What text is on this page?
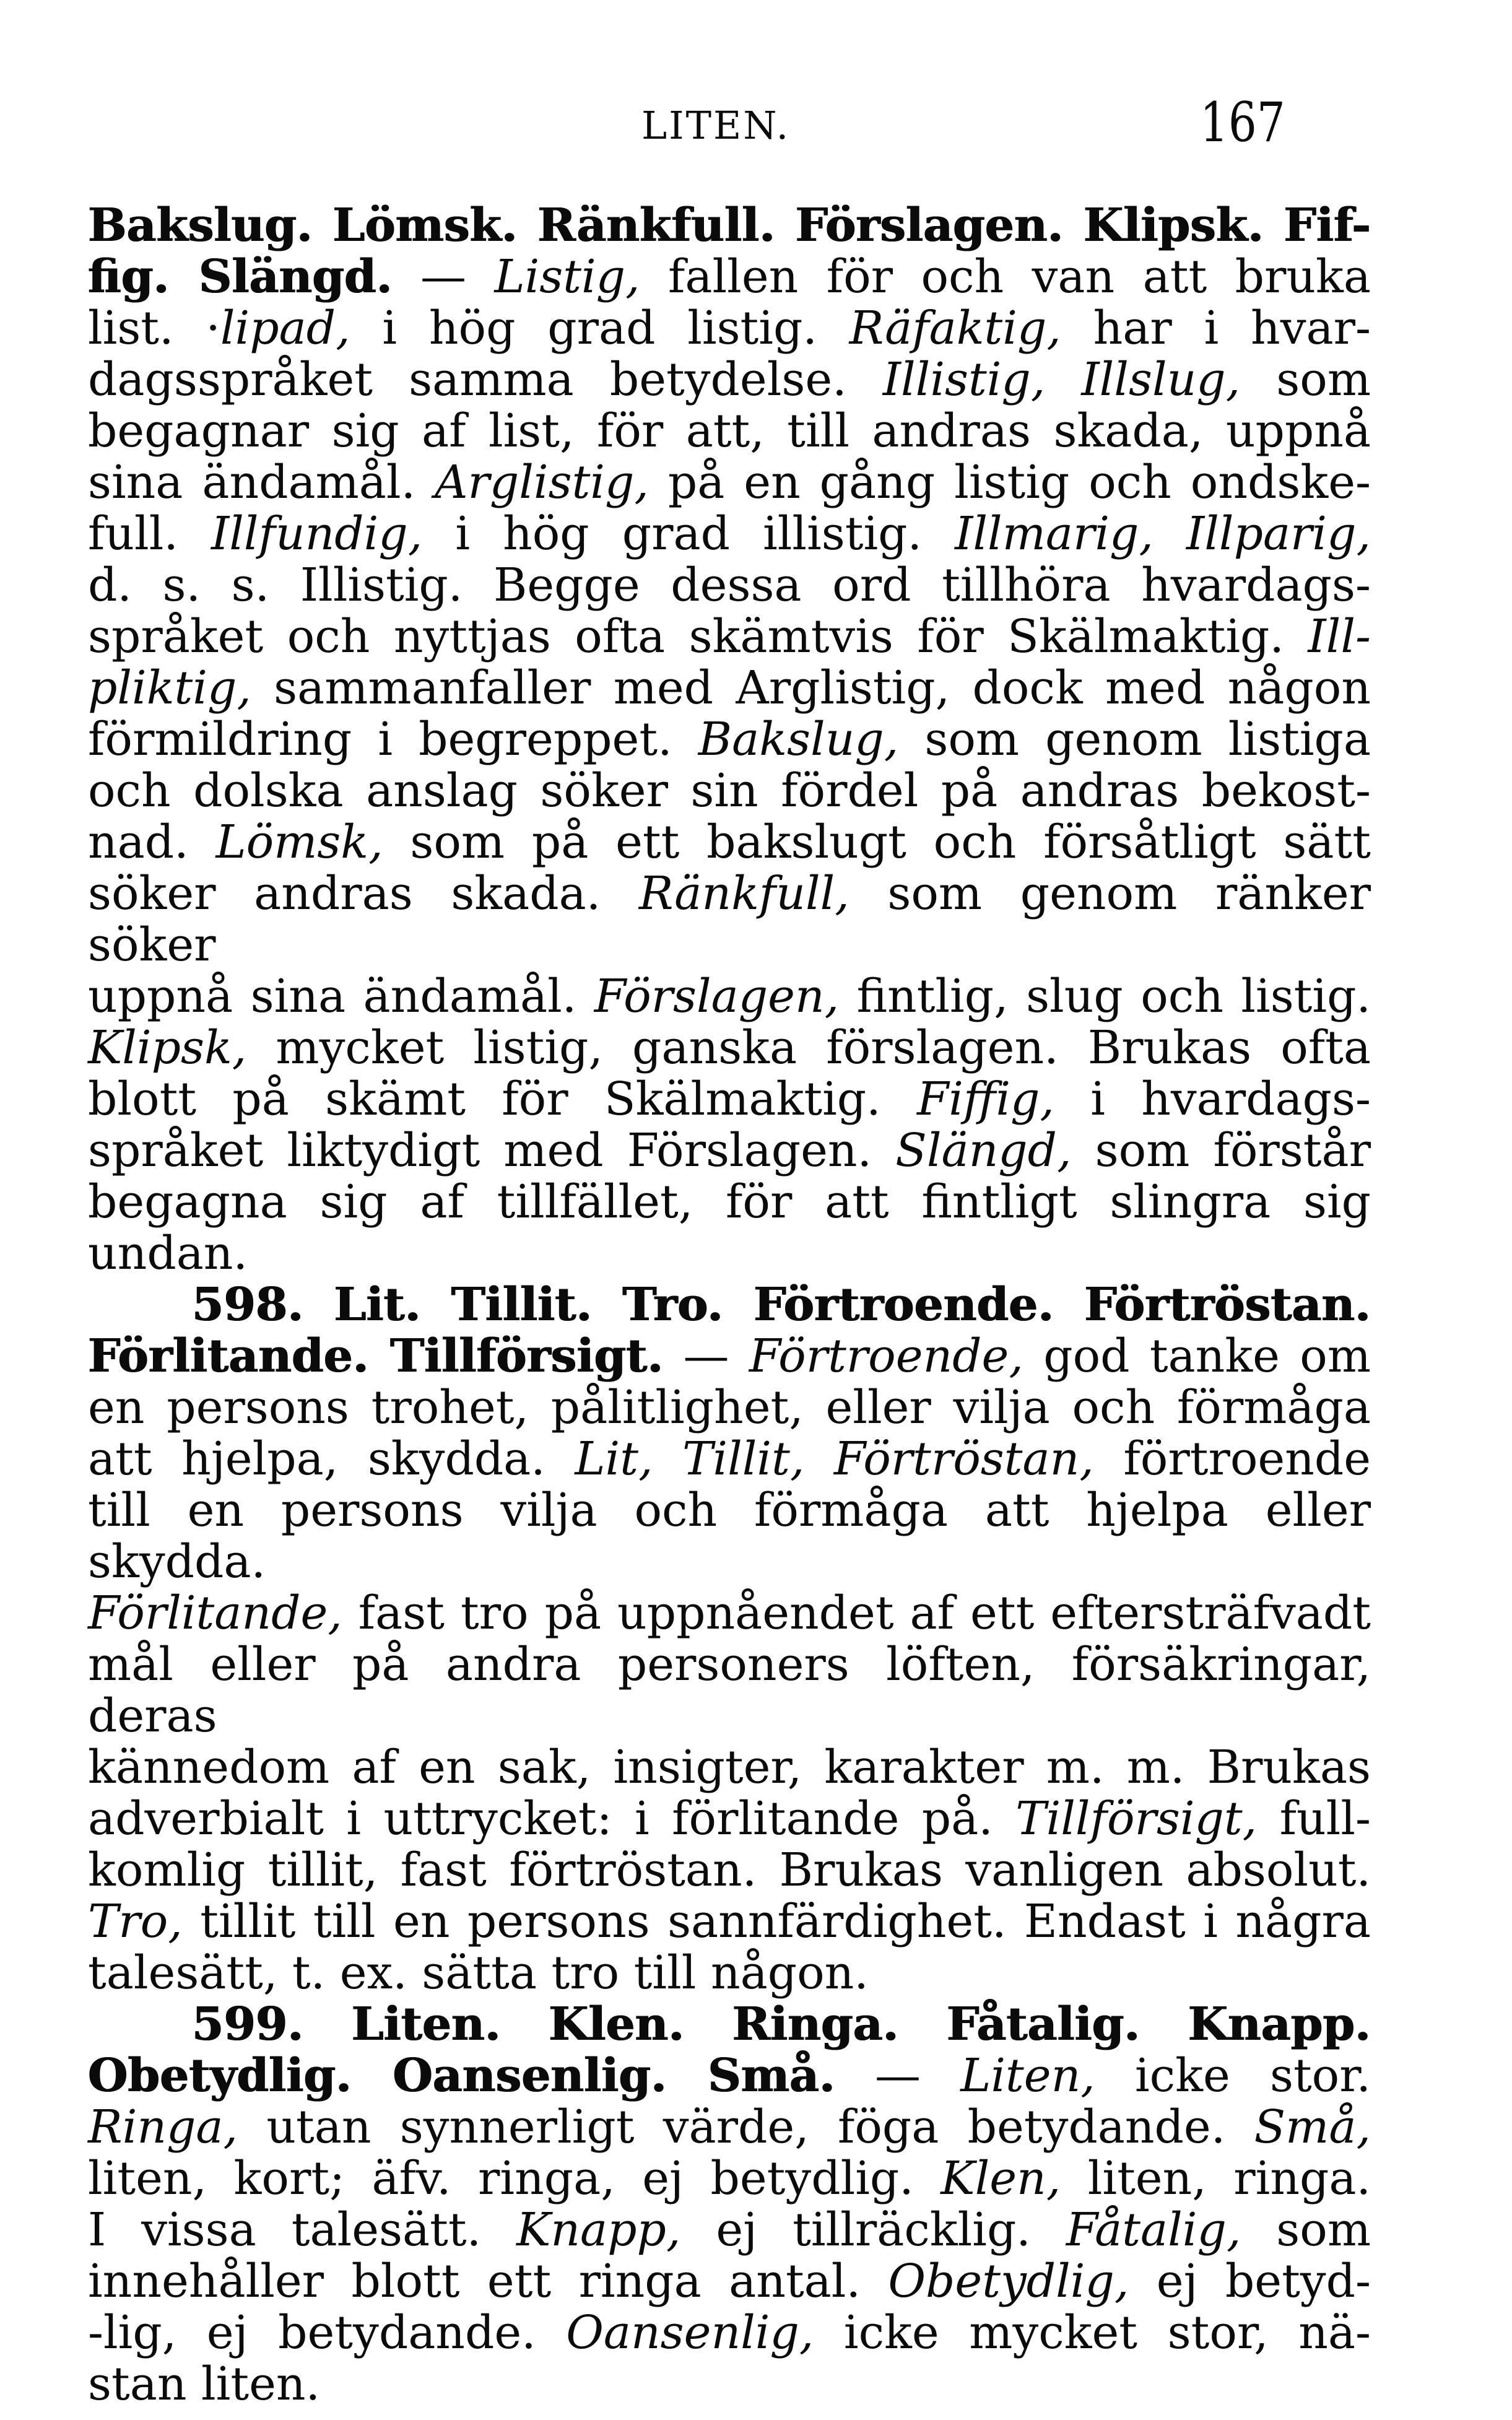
LITEN.	167
Bakslug. Lömsk. Ränkfull. Förslagen. Klipsk. Fif-
fig. Slängd. — Listig, fallen för och van att bruka
list. ·lipad, i hög grad listig. Räfaktig, har i hvar-
dagsspråket samma betydelse. Illistig, Illslug, som
begagnar sig af list, för att, till andras skada, uppnå
sina ändamål. Arglistig, på en gång listig och ondske-
full. Illfundig, i hög grad illistig. Illmarig, Illparig,
d. s. s. Illistig. Begge dessa ord tillhöra hvardags-
språket och nyttjas ofta skämtvis för Skälmaktig. Ill-
pliktig, sammanfaller med Arglistig, dock med någon
förmildring i begreppet. Bakslug, som genom listiga
och dolska anslag söker sin fördel på andras bekost-
nad. Lömsk, som på ett bakslugt och försåtligt sätt
söker andras skada. Ränkfull, som genom ränker söker
uppnå sina ändamål. Förslagen, fintlig, slug och listig.
Klipsk, mycket listig, ganska förslagen. Brukas ofta
blott på skämt för Skälmaktig. Fiffig, i hvardags-
språket liktydigt med Förslagen. Slängd, som förstår
begagna sig af tillfället, för att fintligt slingra sig undan.
598. Lit. Tillit. Tro. Förtroende. Förtröstan.
Förlitande. Tillförsigt. — Förtroende, god tanke om
en persons trohet, pålitlighet, eller vilja och förmåga
att hjelpa, skydda. Lit, Tillit, Förtröstan, förtroende
till en persons vilja och förmåga att hjelpa eller skydda.
Förlitande, fast tro på uppnåendet af ett eftersträfvadt
mål eller på andra personers löften, försäkringar, deras
kännedom af en sak, insigter, karakter m. m. Brukas
adverbialt i uttrycket: i förlitande på. Tillförsigt, full-
komlig tillit, fast förtröstan. Brukas vanligen absolut.
Tro, tillit till en persons sannfärdighet. Endast i några
talesätt, t. ex. sätta tro till någon.
599. Liten. Klen. Ringa. Fåtalig. Knapp.
Obetydlig. Oansenlig. Små. — Liten, icke stor.
Ringa, utan synnerligt värde, föga betydande. Små,
liten, kort; äfv. ringa, ej betydlig. Klen, liten, ringa.
I vissa talesätt. Knapp, ej tillräcklig. Fåtalig, som
innehåller blott ett ringa antal. Obetydlig, ej betyd-
-lig, ej betydande. Oansenlig, icke mycket stor, nä-
stan liten.
